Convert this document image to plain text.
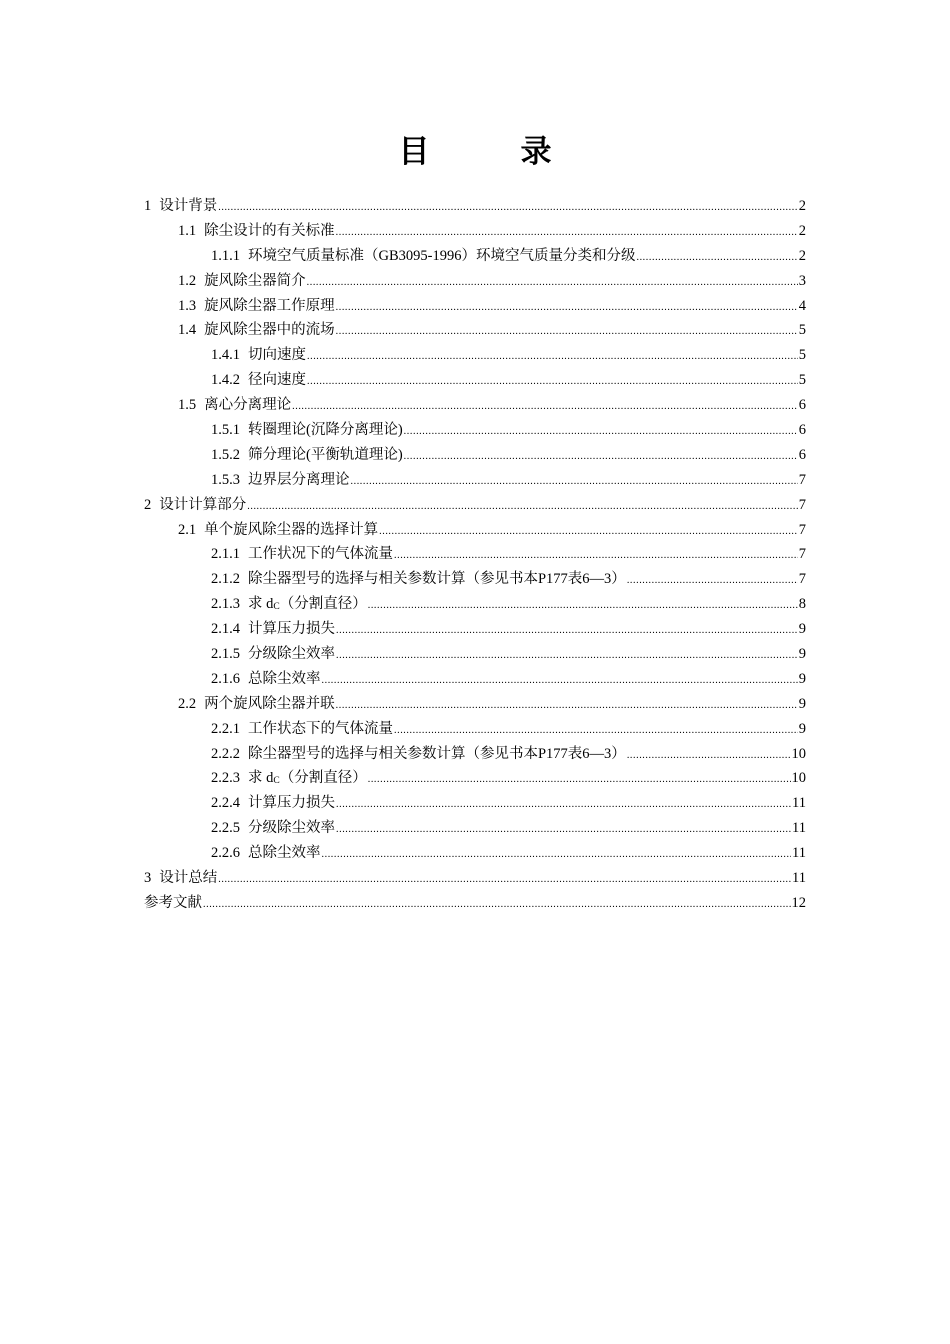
目　录
1 设计背景 .....	2
1.1 除尘设计的有关标准 .....	2
1.1.1 环境空气质量标准（GB3095-1996）环境空气质量分类和分级 .....	2
1.2 旋风除尘器简介 .....	3
1.3 旋风除尘器工作原理 .....	4
1.4 旋风除尘器中的流场 .....	5
1.4.1 切向速度 .....	5
1.4.2 径向速度 .....	5
1.5 离心分离理论 .....	6
1.5.1 转圈理论(沉降分离理论) .....	6
1.5.2 筛分理论(平衡轨道理论) .....	6
1.5.3 边界层分离理论 .....	7
2 设计计算部分 .....	7
2.1 单个旋风除尘器的选择计算 .....	7
2.1.1 工作状况下的气体流量 .....	7
2.1.2 除尘器型号的选择与相关参数计算（参见书本P177表6—3） .....	7
2.1.3 求 $d_C$（分割直径） .....	8
2.1.4 计算压力损失 .....	9
2.1.5 分级除尘效率 .....	9
2.1.6 总除尘效率 .....	9
2.2 两个旋风除尘器并联 .....	9
2.2.1 工作状态下的气体流量 .....	9
2.2.2 除尘器型号的选择与相关参数计算（参见书本P177表6—3） .....	10
2.2.3 求 $d_C$（分割直径） .....	10
2.2.4 计算压力损失 .....	11
2.2.5 分级除尘效率 .....	11
2.2.6 总除尘效率 .....	11
3 设计总结 .....	11
参考文献 .....	12
